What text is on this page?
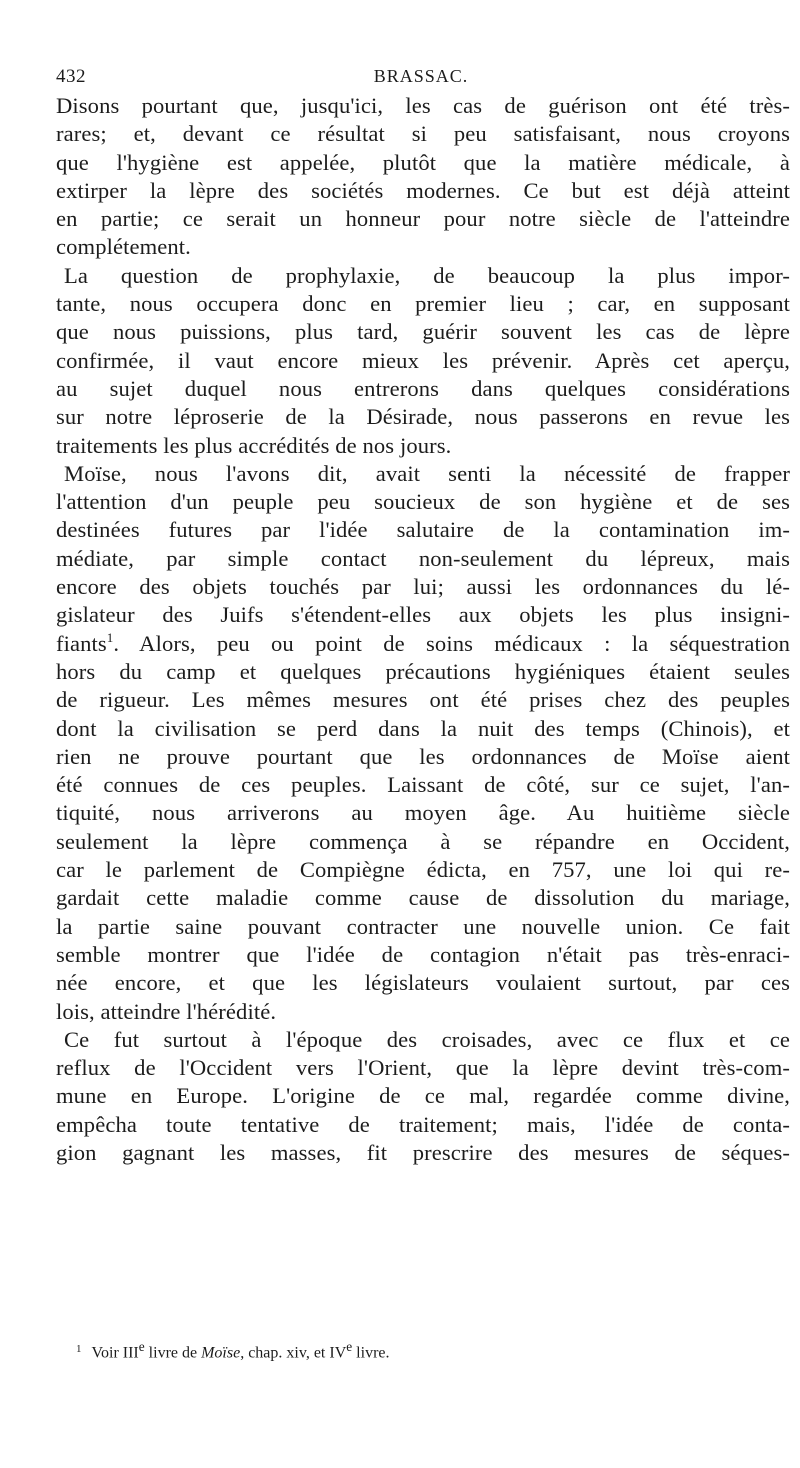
432	BRASSAC.
Disons pourtant que, jusqu'ici, les cas de guérison ont été très-
rares; et, devant ce résultat si peu satisfaisant, nous croyons
que l'hygiène est appelée, plutôt que la matière médicale, à
extirper la lèpre des sociétés modernes. Ce but est déjà atteint
en partie; ce serait un honneur pour notre siècle de l'atteindre
complétement.
La question de prophylaxie, de beaucoup la plus impor-
tante, nous occupera donc en premier lieu ; car, en supposant
que nous puissions, plus tard, guérir souvent les cas de lèpre
confirmée, il vaut encore mieux les prévenir. Après cet aperçu,
au sujet duquel nous entrerons dans quelques considérations
sur notre léproserie de la Désirade, nous passerons en revue les
traitements les plus accrédités de nos jours.
Moïse, nous l'avons dit, avait senti la nécessité de frapper
l'attention d'un peuple peu soucieux de son hygiène et de ses
destinées futures par l'idée salutaire de la contamination im-
médiate, par simple contact non-seulement du lépreux, mais
encore des objets touchés par lui; aussi les ordonnances du lé-
gislateur des Juifs s'étendent-elles aux objets les plus insigni-
fiants$^1$. Alors, peu ou point de soins médicaux : la séquestration
hors du camp et quelques précautions hygiéniques étaient seules
de rigueur. Les mêmes mesures ont été prises chez des peuples
dont la civilisation se perd dans la nuit des temps (Chinois), et
rien ne prouve pourtant que les ordonnances de Moïse aient
été connues de ces peuples. Laissant de côté, sur ce sujet, l'an-
tiquité, nous arriverons au moyen âge. Au huitième siècle
seulement la lèpre commença à se répandre en Occident,
car le parlement de Compiègne édicta, en 757, une loi qui re-
gardait cette maladie comme cause de dissolution du mariage,
la partie saine pouvant contracter une nouvelle union. Ce fait
semble montrer que l'idée de contagion n'était pas très-enraci-
née encore, et que les législateurs voulaient surtout, par ces
lois, atteindre l'hérédité.
Ce fut surtout à l'époque des croisades, avec ce flux et ce
reflux de l'Occident vers l'Orient, que la lèpre devint très-com-
mune en Europe. L'origine de ce mal, regardée comme divine,
empêcha toute tentative de traitement; mais, l'idée de conta-
gion gagnant les masses, fit prescrire des mesures de séques-
$^1$ Voir IIIe livre de Moïse, chap. xiv, et IVe livre.
